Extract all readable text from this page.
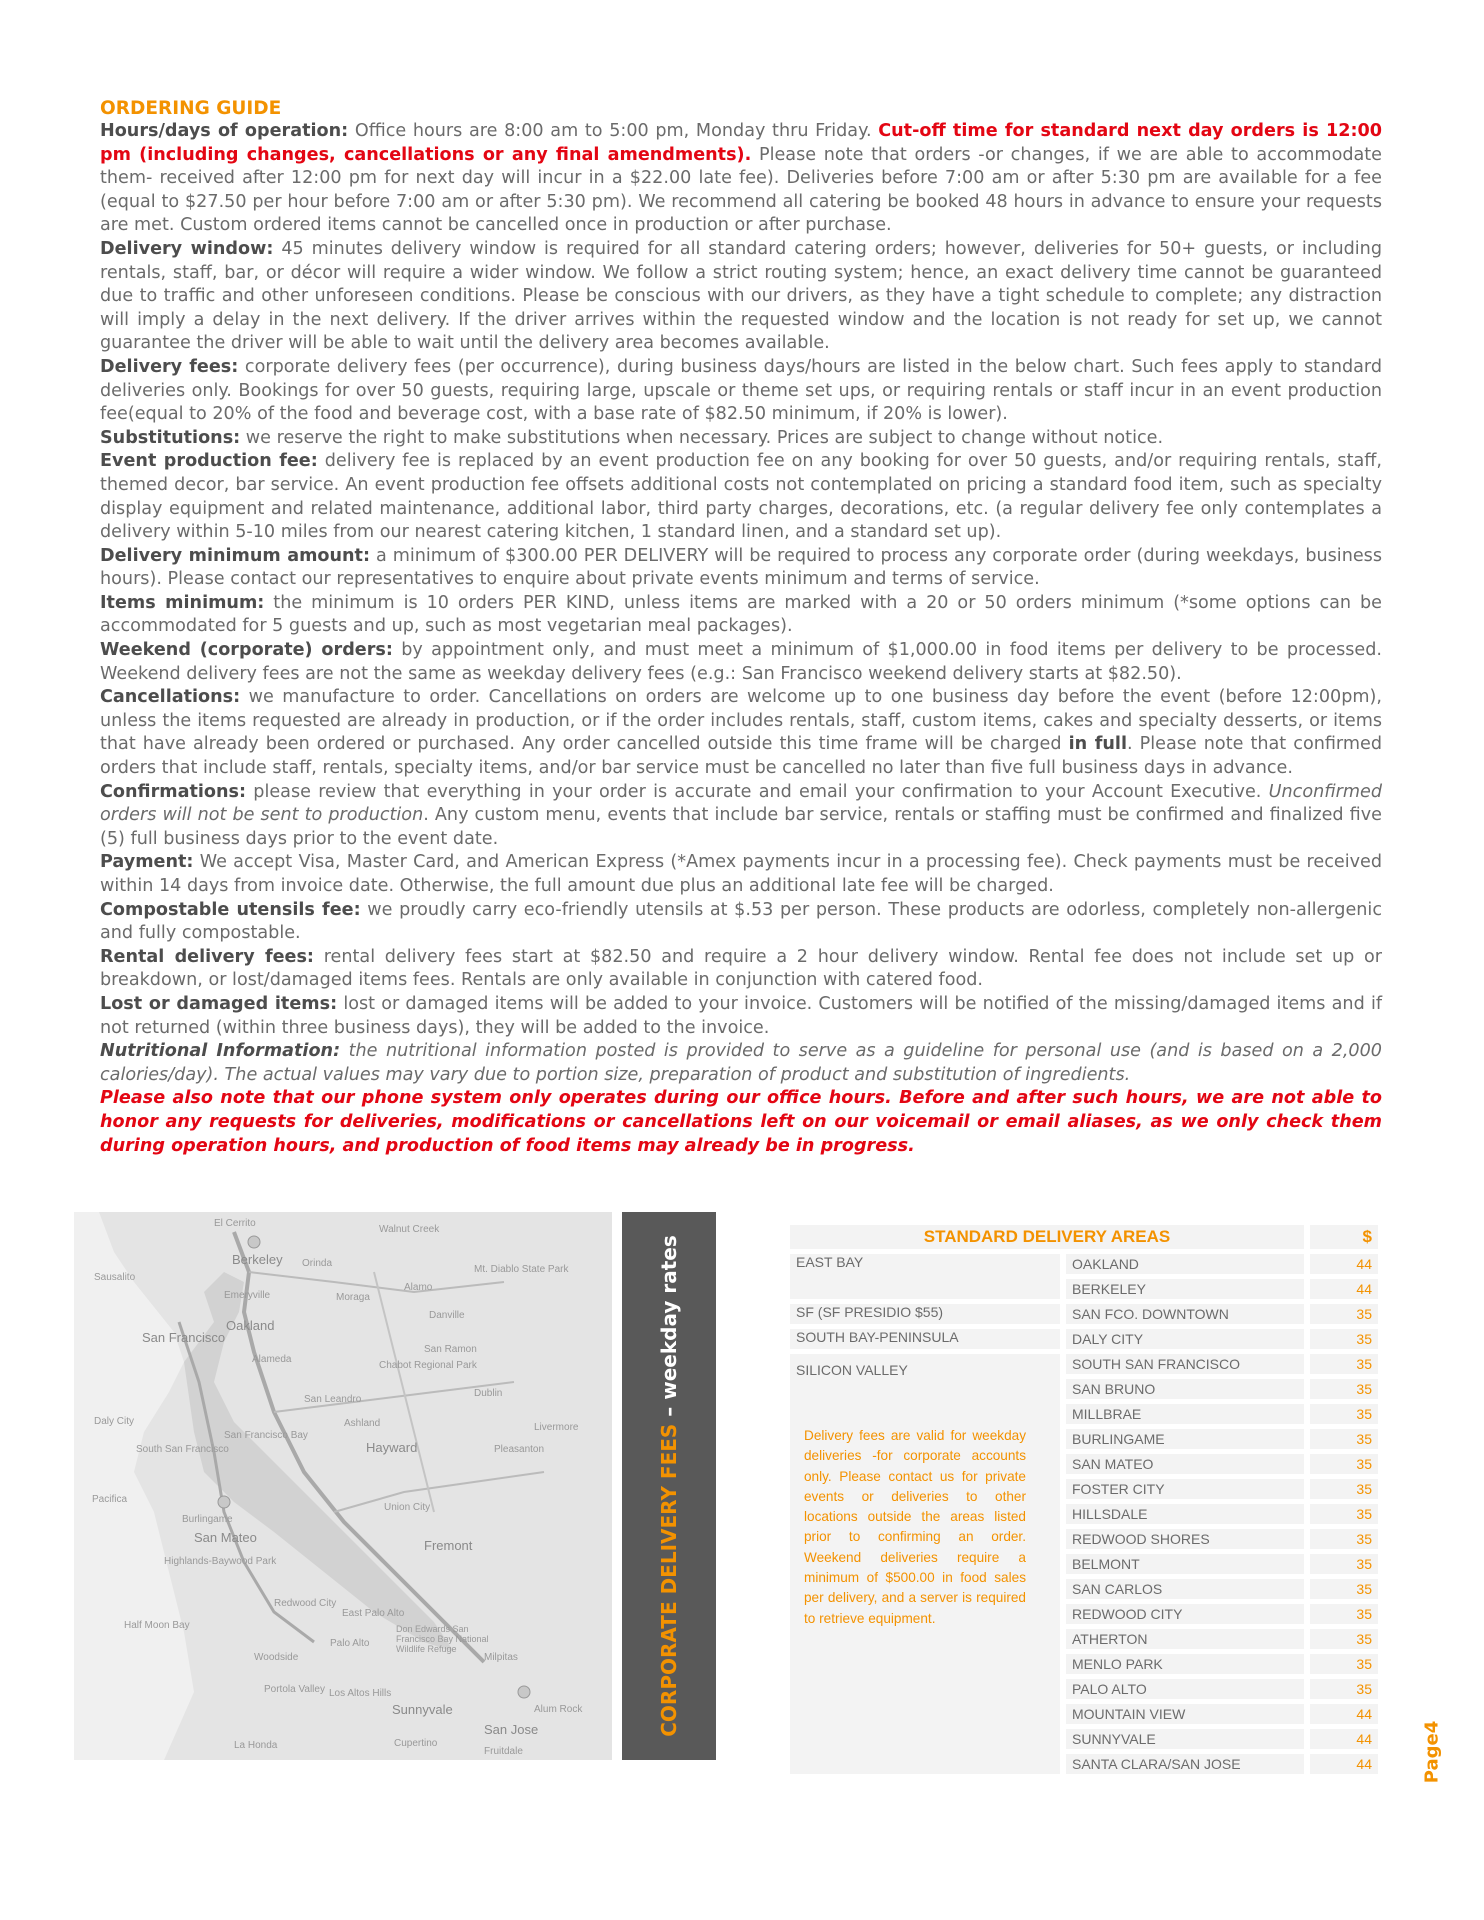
ORDERING GUIDE

Hours/days of operation: Office hours are 8:00 am to 5:00 pm, Monday thru Friday. Cut-off time for standard next day orders is 12:00 pm (including changes, cancellations or any final amendments). Please note that orders -or changes, if we are able to accommodate them- received after 12:00 pm for next day will incur in a $22.00 late fee). Deliveries before 7:00 am or after 5:30 pm are available for a fee (equal to $27.50 per hour before 7:00 am or after 5:30 pm). We recommend all catering be booked 48 hours in advance to ensure your requests are met. Custom ordered items cannot be cancelled once in production or after purchase.

Delivery window: 45 minutes delivery window is required for all standard catering orders; however, deliveries for 50+ guests, or including rentals, staff, bar, or décor will require a wider window. We follow a strict routing system; hence, an exact delivery time cannot be guaranteed due to traffic and other unforeseen conditions. Please be conscious with our drivers, as they have a tight schedule to complete; any distraction will imply a delay in the next delivery. If the driver arrives within the requested window and the location is not ready for set up, we cannot guarantee the driver will be able to wait until the delivery area becomes available.

Delivery fees: corporate delivery fees (per occurrence), during business days/hours are listed in the below chart. Such fees apply to standard deliveries only. Bookings for over 50 guests, requiring large, upscale or theme set ups, or requiring rentals or staff incur in an event production fee(equal to 20% of the food and beverage cost, with a base rate of $82.50 minimum, if 20% is lower).

Substitutions: we reserve the right to make substitutions when necessary. Prices are subject to change without notice.

Event production fee: delivery fee is replaced by an event production fee on any booking for over 50 guests, and/or requiring rentals, staff, themed decor, bar service. An event production fee offsets additional costs not contemplated on pricing a standard food item, such as specialty display equipment and related maintenance, additional labor, third party charges, decorations, etc. (a regular delivery fee only contemplates a delivery within 5-10 miles from our nearest catering kitchen, 1 standard linen, and a standard set up).

Delivery minimum amount: a minimum of $300.00 PER DELIVERY will be required to process any corporate order (during weekdays, business hours). Please contact our representatives to enquire about private events minimum and terms of service.

Items minimum: the minimum is 10 orders PER KIND, unless items are marked with a 20 or 50 orders minimum (*some options can be accommodated for 5 guests and up, such as most vegetarian meal packages).

Weekend (corporate) orders: by appointment only, and must meet a minimum of $1,000.00 in food items per delivery to be processed. Weekend delivery fees are not the same as weekday delivery fees (e.g.: San Francisco weekend delivery starts at $82.50).

Cancellations: we manufacture to order. Cancellations on orders are welcome up to one business day before the event (before 12:00pm), unless the items requested are already in production, or if the order includes rentals, staff, custom items, cakes and specialty desserts, or items that have already been ordered or purchased. Any order cancelled outside this time frame will be charged in full. Please note that confirmed orders that include staff, rentals, specialty items, and/or bar service must be cancelled no later than five full business days in advance.

Confirmations: please review that everything in your order is accurate and email your confirmation to your Account Executive. Unconfirmed orders will not be sent to production. Any custom menu, events that include bar service, rentals or staffing must be confirmed and finalized five (5) full business days prior to the event date.

Payment: We accept Visa, Master Card, and American Express (*Amex payments incur in a processing fee). Check payments must be received within 14 days from invoice date. Otherwise, the full amount due plus an additional late fee will be charged.

Compostable utensils fee: we proudly carry eco-friendly utensils at $.53 per person. These products are odorless, completely non-allergenic and fully compostable.

Rental delivery fees: rental delivery fees start at $82.50 and require a 2 hour delivery window. Rental fee does not include set up or breakdown, or lost/damaged items fees. Rentals are only available in conjunction with catered food.

Lost or damaged items: lost or damaged items will be added to your invoice. Customers will be notified of the missing/damaged items and if not returned (within three business days), they will be added to the invoice.

Nutritional Information: the nutritional information posted is provided to serve as a guideline for personal use (and is based on a 2,000 calories/day). The actual values may vary due to portion size, preparation of product and substitution of ingredients.

Please also note that our phone system only operates during our office hours. Before and after such hours, we are not able to honor any requests for deliveries, modifications or cancellations left on our voicemail or email aliases, as we only check them during operation hours, and production of food items may already be in progress.

El Cerrito
Berkeley Orinda
Walnut Creek
Mt. Diablo State Park
Sausalito
Emeryville	Moraga
Alamo
Danville
Oakland
San Francisco
Alameda
San Ramon
Chabot Regional Park
San Leandro
Dublin
Livermore
Daly City	Ashland
Hayward	Pleasanton
South San Francisco
San Francisco Bay
Pacifica
Union City
Burlingame
San Mateo
Fremont
Highlands-Baywood Park
Redwood City
Half Moon Bay
East Palo Alto
Palo Alto
Woodside
Don Edwards San Francisco Bay National Wildlife Refuge
Milpitas
Portola Valley Los Altos Hills
Sunnyvale	Alum Rock
San Jose
La Honda	Cupertino
Fruitdale
CORPORATE DELIVERY FEES – weekday rates	STANDARD DELIVERY AREAS		$
EAST BAY	OAKLAND	44
	BERKELEY	44
SF (SF PRESIDIO $55)	SAN FCO. DOWNTOWN	35
SOUTH BAY-PENINSULA	DALY CITY	35

SILICON VALLEY	SOUTH SAN FRANCISCO	35
	SAN BRUNO	35
	MILLBRAE	35
	BURLINGAME	35
	SAN MATEO	35
	FOSTER CITY	35
	HILLSDALE	35
	REDWOOD SHORES	35
	BELMONT	35
	SAN CARLOS	35
	REDWOOD CITY	35
	ATHERTON	35
	MENLO PARK	35
	PALO ALTO	35
	MOUNTAIN VIEW	44
	SUNNYVALE	44
	SANTA CLARA/SAN JOSE	44
Delivery fees are valid for weekday deliveries -for corporate accounts only. Please contact us for private events or deliveries to other locations outside the areas listed prior to confirming an order. Weekend deliveries require a minimum of $500.00 in food sales per delivery, and a server is required to retrieve equipment.
Page4
